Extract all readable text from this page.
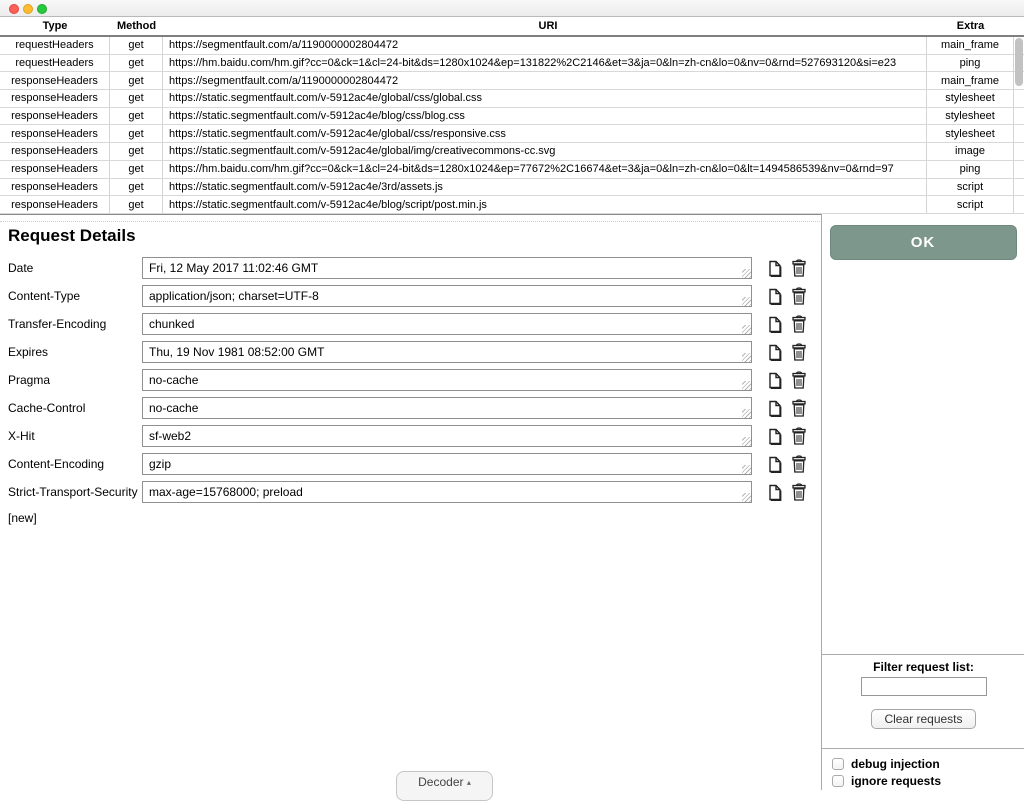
Type	Method	URI	Extra
requestHeaders	get	https://segmentfault.com/a/1190000002804472	main_frame
requestHeaders	get	https://hm.baidu.com/hm.gif?cc=0&ck=1&cl=24-bit&ds=1280x1024&ep=131822%2C2146&et=3&ja=0&ln=zh-cn&lo=0&nv=0&rnd=527693120&si=e23	ping
responseHeaders	get	https://segmentfault.com/a/1190000002804472	main_frame
responseHeaders	get	https://static.segmentfault.com/v-5912ac4e/global/css/global.css	stylesheet
responseHeaders	get	https://static.segmentfault.com/v-5912ac4e/blog/css/blog.css	stylesheet
responseHeaders	get	https://static.segmentfault.com/v-5912ac4e/global/css/responsive.css	stylesheet
responseHeaders	get	https://static.segmentfault.com/v-5912ac4e/global/img/creativecommons-cc.svg	image
responseHeaders	get	https://hm.baidu.com/hm.gif?cc=0&ck=1&cl=24-bit&ds=1280x1024&ep=77672%2C16674&et=3&ja=0&ln=zh-cn&lo=0&lt=1494586539&nv=0&rnd=97	ping
responseHeaders	get	https://static.segmentfault.com/v-5912ac4e/3rd/assets.js	script
responseHeaders	get	https://static.segmentfault.com/v-5912ac4e/blog/script/post.min.js	script
Request Details
Date
Fri, 12 May 2017 11:02:46 GMT
Content-Type
application/json; charset=UTF-8
Transfer-Encoding
chunked
Expires
Thu, 19 Nov 1981 08:52:00 GMT
Pragma
no-cache
Cache-Control
no-cache
X-Hit
sf-web2
Content-Encoding
gzip
Strict-Transport-Security
max-age=15768000; preload
[new]
OK
Filter request list:
Clear requests
debug injection
ignore requests
Decoder ▴
